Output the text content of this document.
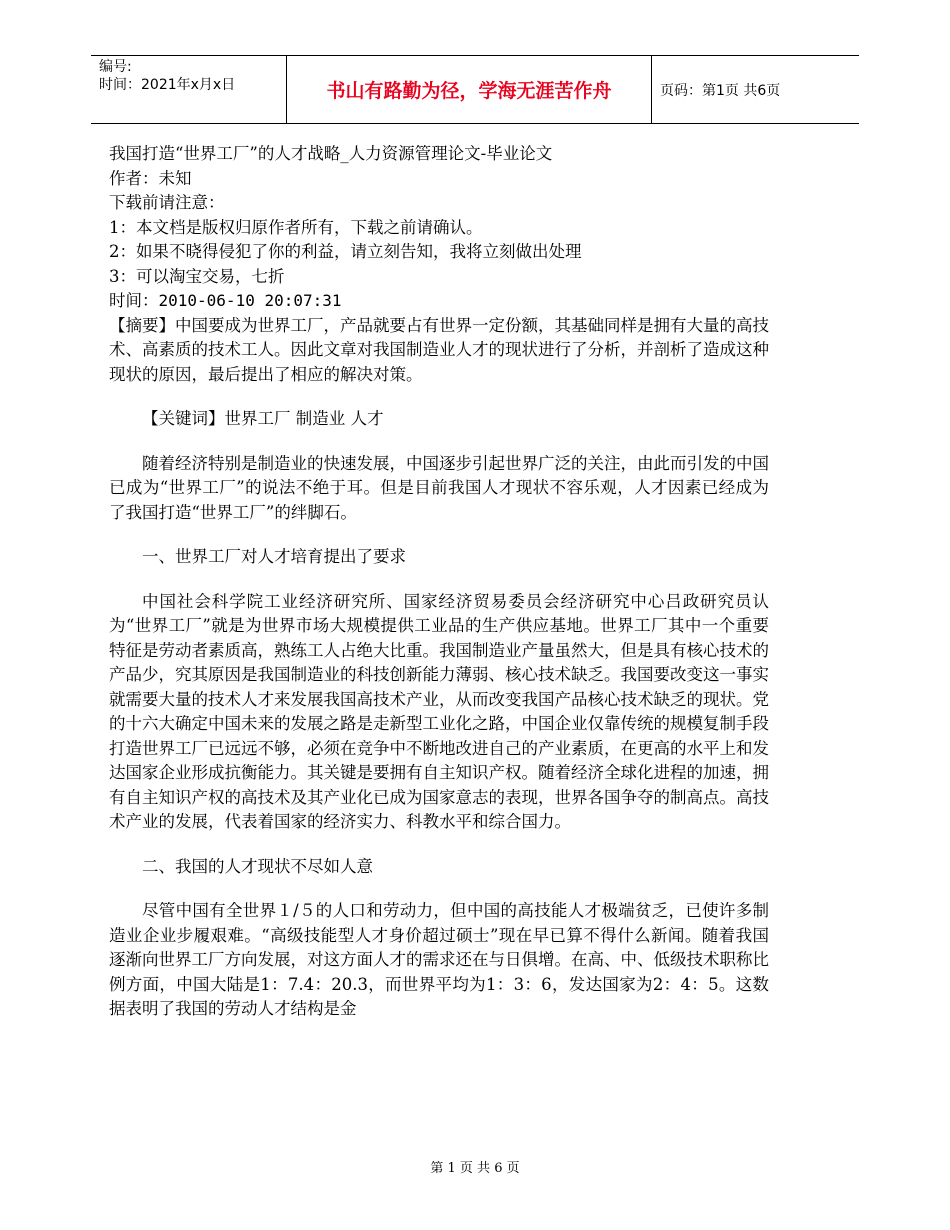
编号:
时间：2021年x月x日	书山有路勤为径，学海无涯苦作舟	页码：第1页 共6页
我国打造“世界工厂”的人才战略_人力资源管理论文-毕业论文
作者：未知
下载前请注意：
1：本文档是版权归原作者所有，下载之前请确认。
2：如果不晓得侵犯了你的利益，请立刻告知，我将立刻做出处理
3：可以淘宝交易，七折
时间：2010-06-10 20:07:31

【摘要】中国要成为世界工厂，产品就要占有世界一定份额，其基础同样是拥有大量的高技术、高素质的技术工人。因此文章对我国制造业人才的现状进行了分析，并剖析了造成这种现状的原因，最后提出了相应的解决对策。

【关键词】世界工厂 制造业 人才

随着经济特别是制造业的快速发展，中国逐步引起世界广泛的关注，由此而引发的中国已成为“世界工厂”的说法不绝于耳。但是目前我国人才现状不容乐观，人才因素已经成为了我国打造“世界工厂”的绊脚石。

一、世界工厂对人才培育提出了要求

中国社会科学院工业经济研究所、国家经济贸易委员会经济研究中心吕政研究员认为“世界工厂”就是为世界市场大规模提供工业品的生产供应基地。世界工厂其中一个重要特征是劳动者素质高，熟练工人占绝大比重。我国制造业产量虽然大，但是具有核心技术的产品少，究其原因是我国制造业的科技创新能力薄弱、核心技术缺乏。我国要改变这一事实就需要大量的技术人才来发展我国高技术产业，从而改变我国产品核心技术缺乏的现状。党的十六大确定中国未来的发展之路是走新型工业化之路，中国企业仅靠传统的规模复制手段打造世界工厂已远远不够，必须在竞争中不断地改进自己的产业素质，在更高的水平上和发达国家企业形成抗衡能力。其关键是要拥有自主知识产权。随着经济全球化进程的加速，拥有自主知识产权的高技术及其产业化已成为国家意志的表现，世界各国争夺的制高点。高技术产业的发展，代表着国家的经济实力、科教水平和综合国力。

二、我国的人才现状不尽如人意

尽管中国有全世界１/５的人口和劳动力，但中国的高技能人才极端贫乏，已使许多制造业企业步履艰难。“高级技能型人才身价超过硕士”现在早已算不得什么新闻。随着我国逐渐向世界工厂方向发展，对这方面人才的需求还在与日俱增。在高、中、低级技术职称比例方面，中国大陆是1：7.4：20.3，而世界平均为1：3：6，发达国家为2：4：5。这数据表明了我国的劳动人才结构是金

第 1 页 共 6 页
